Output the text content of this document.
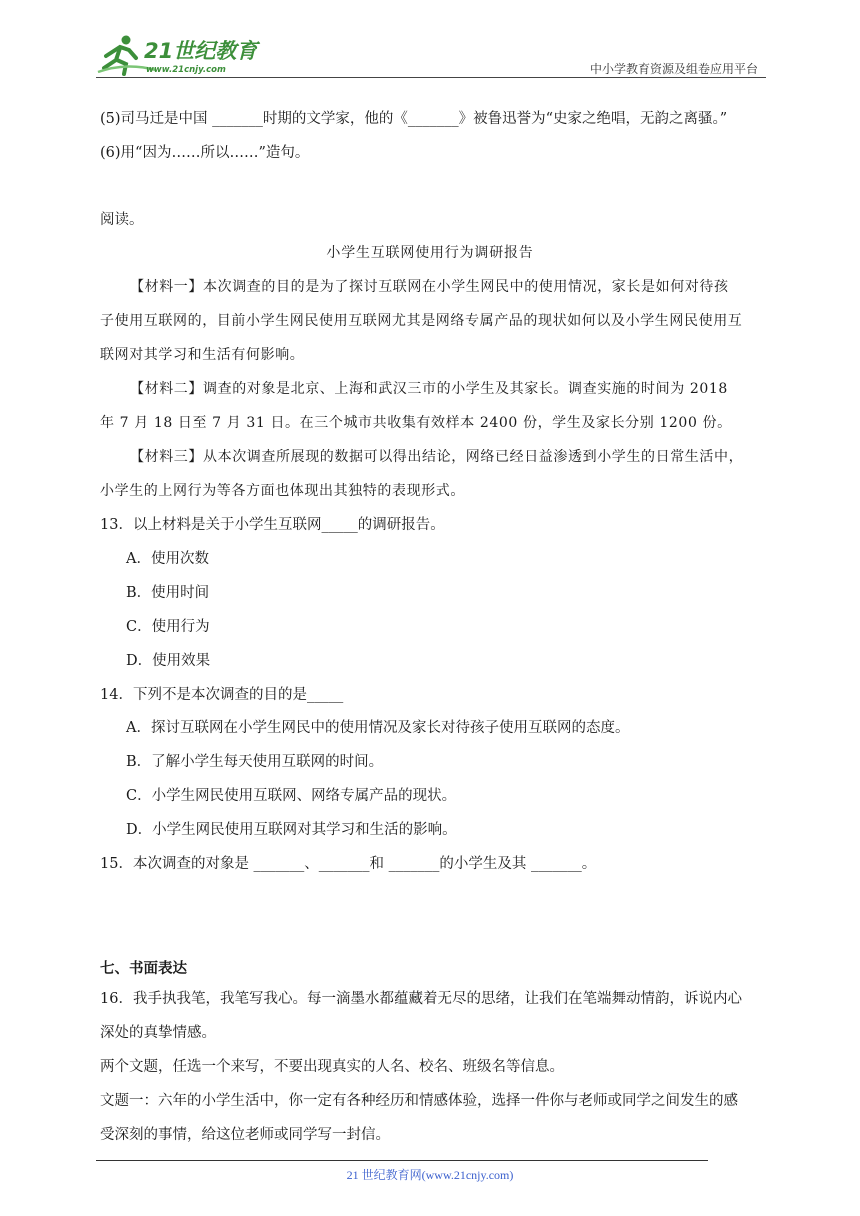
21世纪教育
www.21cnjy.com	中小学教育资源及组卷应用平台
(5)司马迁是中国 _______时期的文学家，他的《_______》被鲁迅誉为“史家之绝唱，无韵之离骚。”
(6)用“因为……所以……”造句。
阅读。
小学生互联网使用行为调研报告
【材料一】本次调查的目的是为了探讨互联网在小学生网民中的使用情况，家长是如何对待孩
子使用互联网的，目前小学生网民使用互联网尤其是网络专属产品的现状如何以及小学生网民使用互
联网对其学习和生活有何影响。
【材料二】调查的对象是北京、上海和武汉三市的小学生及其家长。调查实施的时间为 2018
年 7 月 18 日至 7 月 31 日。在三个城市共收集有效样本 2400 份，学生及家长分别 1200 份。
【材料三】从本次调查所展现的数据可以得出结论，网络已经日益渗透到小学生的日常生活中，
小学生的上网行为等各方面也体现出其独特的表现形式。
13．以上材料是关于小学生互联网_____的调研报告。
A．使用次数
B．使用时间
C．使用行为
D．使用效果
14．下列不是本次调查的目的是_____
A．探讨互联网在小学生网民中的使用情况及家长对待孩子使用互联网的态度。
B．了解小学生每天使用互联网的时间。
C．小学生网民使用互联网、网络专属产品的现状。
D．小学生网民使用互联网对其学习和生活的影响。
15．本次调查的对象是 _______、_______和 _______的小学生及其 _______。
七、书面表达
16．我手执我笔，我笔写我心。每一滴墨水都蕴藏着无尽的思绪，让我们在笔端舞动情韵，诉说内心
深处的真挚情感。
两个文题，任选一个来写，不要出现真实的人名、校名、班级名等信息。
文题一：六年的小学生活中，你一定有各种经历和情感体验，选择一件你与老师或同学之间发生的感
受深刻的事情，给这位老师或同学写一封信。
21 世纪教育网(www.21cnjy.com)
